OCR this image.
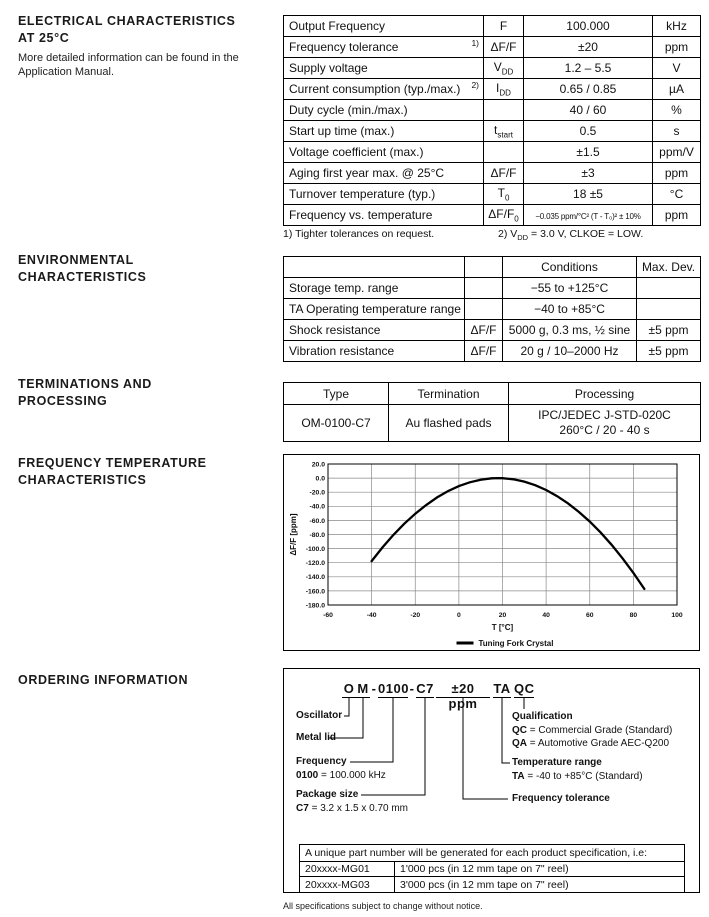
ELECTRICAL CHARACTERISTICS
AT 25°C
More detailed information can be found in the
Application Manual.
ENVIRONMENTAL
CHARACTERISTICS
TERMINATIONS AND
PROCESSING
FREQUENCY TEMPERATURE
CHARACTERISTICS
ORDERING INFORMATION
Output Frequency	F	100.000	kHz
Frequency tolerance 1)	ΔF/F	±20	ppm
Supply voltage	$V_{DD}$	1.2 – 5.5	V
Current consumption (typ./max.) 2)	$I_{DD}$	0.65 / 0.85	µA
Duty cycle (min./max.)		40 / 60	%
Start up time (max.)	$t_{start}$	0.5	s
Voltage coefficient (max.)		±1.5	ppm/V
Aging first year max. @ 25°C	ΔF/F	±3	ppm
Turnover temperature (typ.)	$T_0$	18 ±5	°C
Frequency vs. temperature	$\Delta F/F_0$	−0.035 ppm/°C² (T - T₀)² ± 10%	ppm
1) Tighter tolerances on request.	2) $V_{DD} = 3.0$ V, CLKOE = LOW.
		Conditions	Max. Dev.
Storage temp. range		−55 to +125°C	
TA Operating temperature range		−40 to +85°C	
Shock resistance	ΔF/F	5000 g, 0.3 ms, ½ sine	±5 ppm
Vibration resistance	ΔF/F	20 g / 10–2000 Hz	±5 ppm
Type	Termination	Processing
OM-0100-C7	Au flashed pads	IPC/JEDEC J-STD-020C
260°C / 20 - 40 s
-60	-40	-20	0	20	40	60	80	100
20.0
0.0
-20.0
-40.0
-60.0
-80.0
-100.0
-120.0
-140.0
-160.0
-180.0
T [°C]
ΔF/F [ppm]
Tuning Fork Crystal
O M - 0100 - C7	±20 ppm
TA QC
Oscillator
Metal lid
Frequency
0100 = 100.000 kHz
Package size
C7 = 3.2 x 1.5 x 0.70 mm
Qualification
QC = Commercial Grade (Standard)
QA = Automotive Grade AEC-Q200
Temperature range
TA = -40 to +85°C (Standard)
Frequency tolerance
A unique part number will be generated for each product specification, i.e:	
20xxxx-MG01	1'000 pcs (in 12 mm tape on 7" reel)
20xxxx-MG03	3'000 pcs (in 12 mm tape on 7" reel)
All specifications subject to change without notice.
